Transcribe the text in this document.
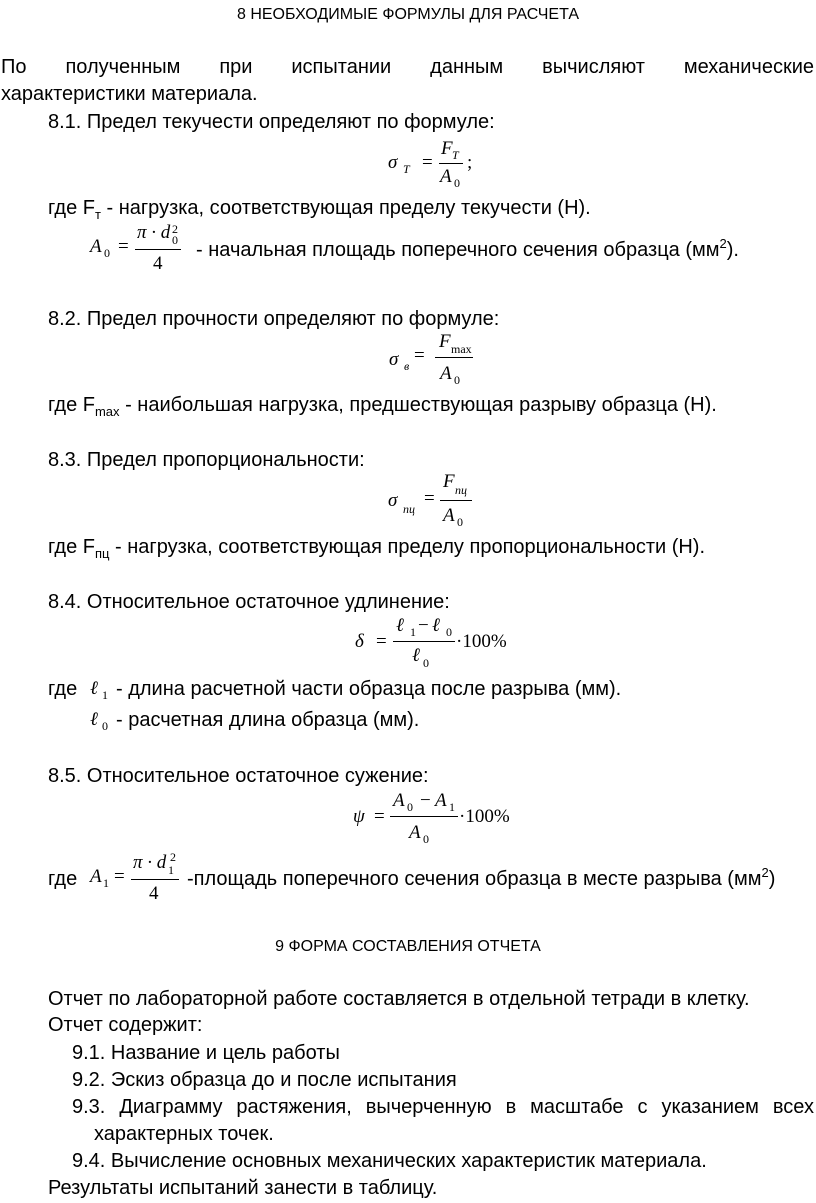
8 НЕОБХОДИМЫЕ ФОРМУЛЫ ДЛЯ РАСЧЕТА
По полученным при испытании данным вычисляют механические
характеристики материала.
8.1. Предел текучести определяют по формуле:
σ T =
F T
A 0
;
где $F_т$ - нагрузка, соответствующая пределу текучести (Н).
A 0 =
π · d 0
2
4
- начальная площадь поперечного сечения образца $(мм^2)$.
8.2. Предел прочности определяют по формуле:
σ в =
F max
A 0
где $F_{max}$ - наибольшая нагрузка, предшествующая разрыву образца (Н).
8.3. Предел пропорциональности:
σ пц =
F пц
A 0
где $F_{пц}$ - нагрузка, соответствующая пределу пропорциональности (Н).
8.4. Относительное остаточное удлинение:
δ =
ℓ 1 − ℓ 0
ℓ 0
·100%
где ℓ 1 - длина расчетной части образца после разрыва (мм).
ℓ 0 - расчетная длина образца (мм).
8.5. Относительное остаточное сужение:
ψ =
A 0 − A 1
A 0
·100%
где A 1 =
π · d 1
2
4
-площадь поперечного сечения образца в месте разрыва $(мм^2)$
9 ФОРМА СОСТАВЛЕНИЯ ОТЧЕТА
Отчет по лабораторной работе составляется в отдельной тетради в клетку.
Отчет содержит:
9.1. Название и цель работы
9.2. Эскиз образца до и после испытания
9.3. Диаграмму растяжения, вычерченную в масштабе с указанием всех
характерных точек.
9.4. Вычисление основных механических характеристик материала.
Результаты испытаний занести в таблицу.
